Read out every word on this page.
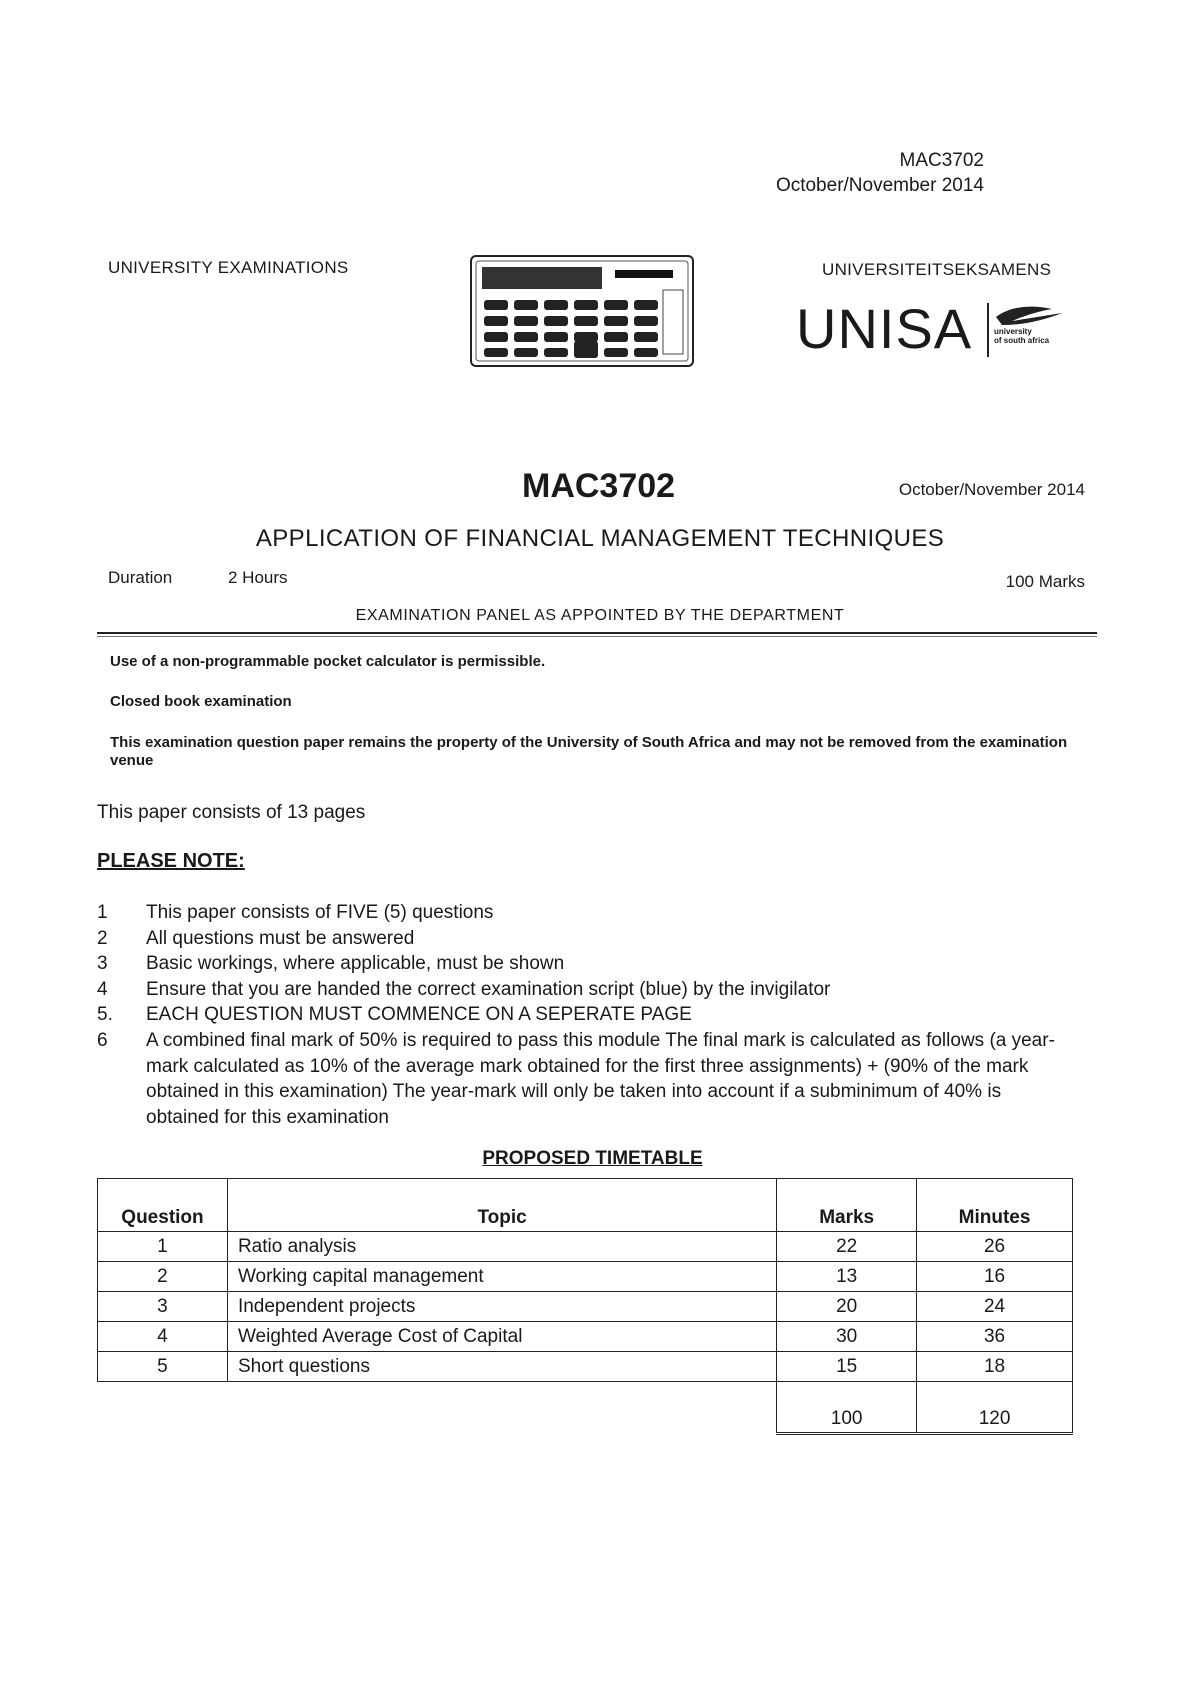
MAC3702
October/November 2014
UNIVERSITY EXAMINATIONS	UNIVERSITEITSEKSAMENS
UNISA	university
of south africa
MAC3702	October/November 2014
APPLICATION OF FINANCIAL MANAGEMENT TECHNIQUES
Duration	2 Hours	100 Marks
EXAMINATION PANEL AS APPOINTED BY THE DEPARTMENT
Use of a non-programmable pocket calculator is permissible.
Closed book examination
This examination question paper remains the property of the University of South Africa and may not be removed from the examination venue
This paper consists of 13 pages
PLEASE NOTE:
1	This paper consists of FIVE (5) questions
2	All questions must be answered
3	Basic workings, where applicable, must be shown
4	Ensure that you are handed the correct examination script (blue) by the invigilator
5.	EACH QUESTION MUST COMMENCE ON A SEPERATE PAGE
6	A combined final mark of 50% is required to pass this module The final mark is calculated as follows (a year-mark calculated as 10% of the average mark obtained for the first three assignments) + (90% of the mark obtained in this examination) The year-mark will only be taken into account if a subminimum of 40% is obtained for this examination
PROPOSED TIMETABLE
Question	Topic	Marks	Minutes
1	Ratio analysis	22	26
2	Working capital management	13	16
3	Independent projects	20	24
4	Weighted Average Cost of Capital	30	36
5	Short questions	15	18
		100	120
